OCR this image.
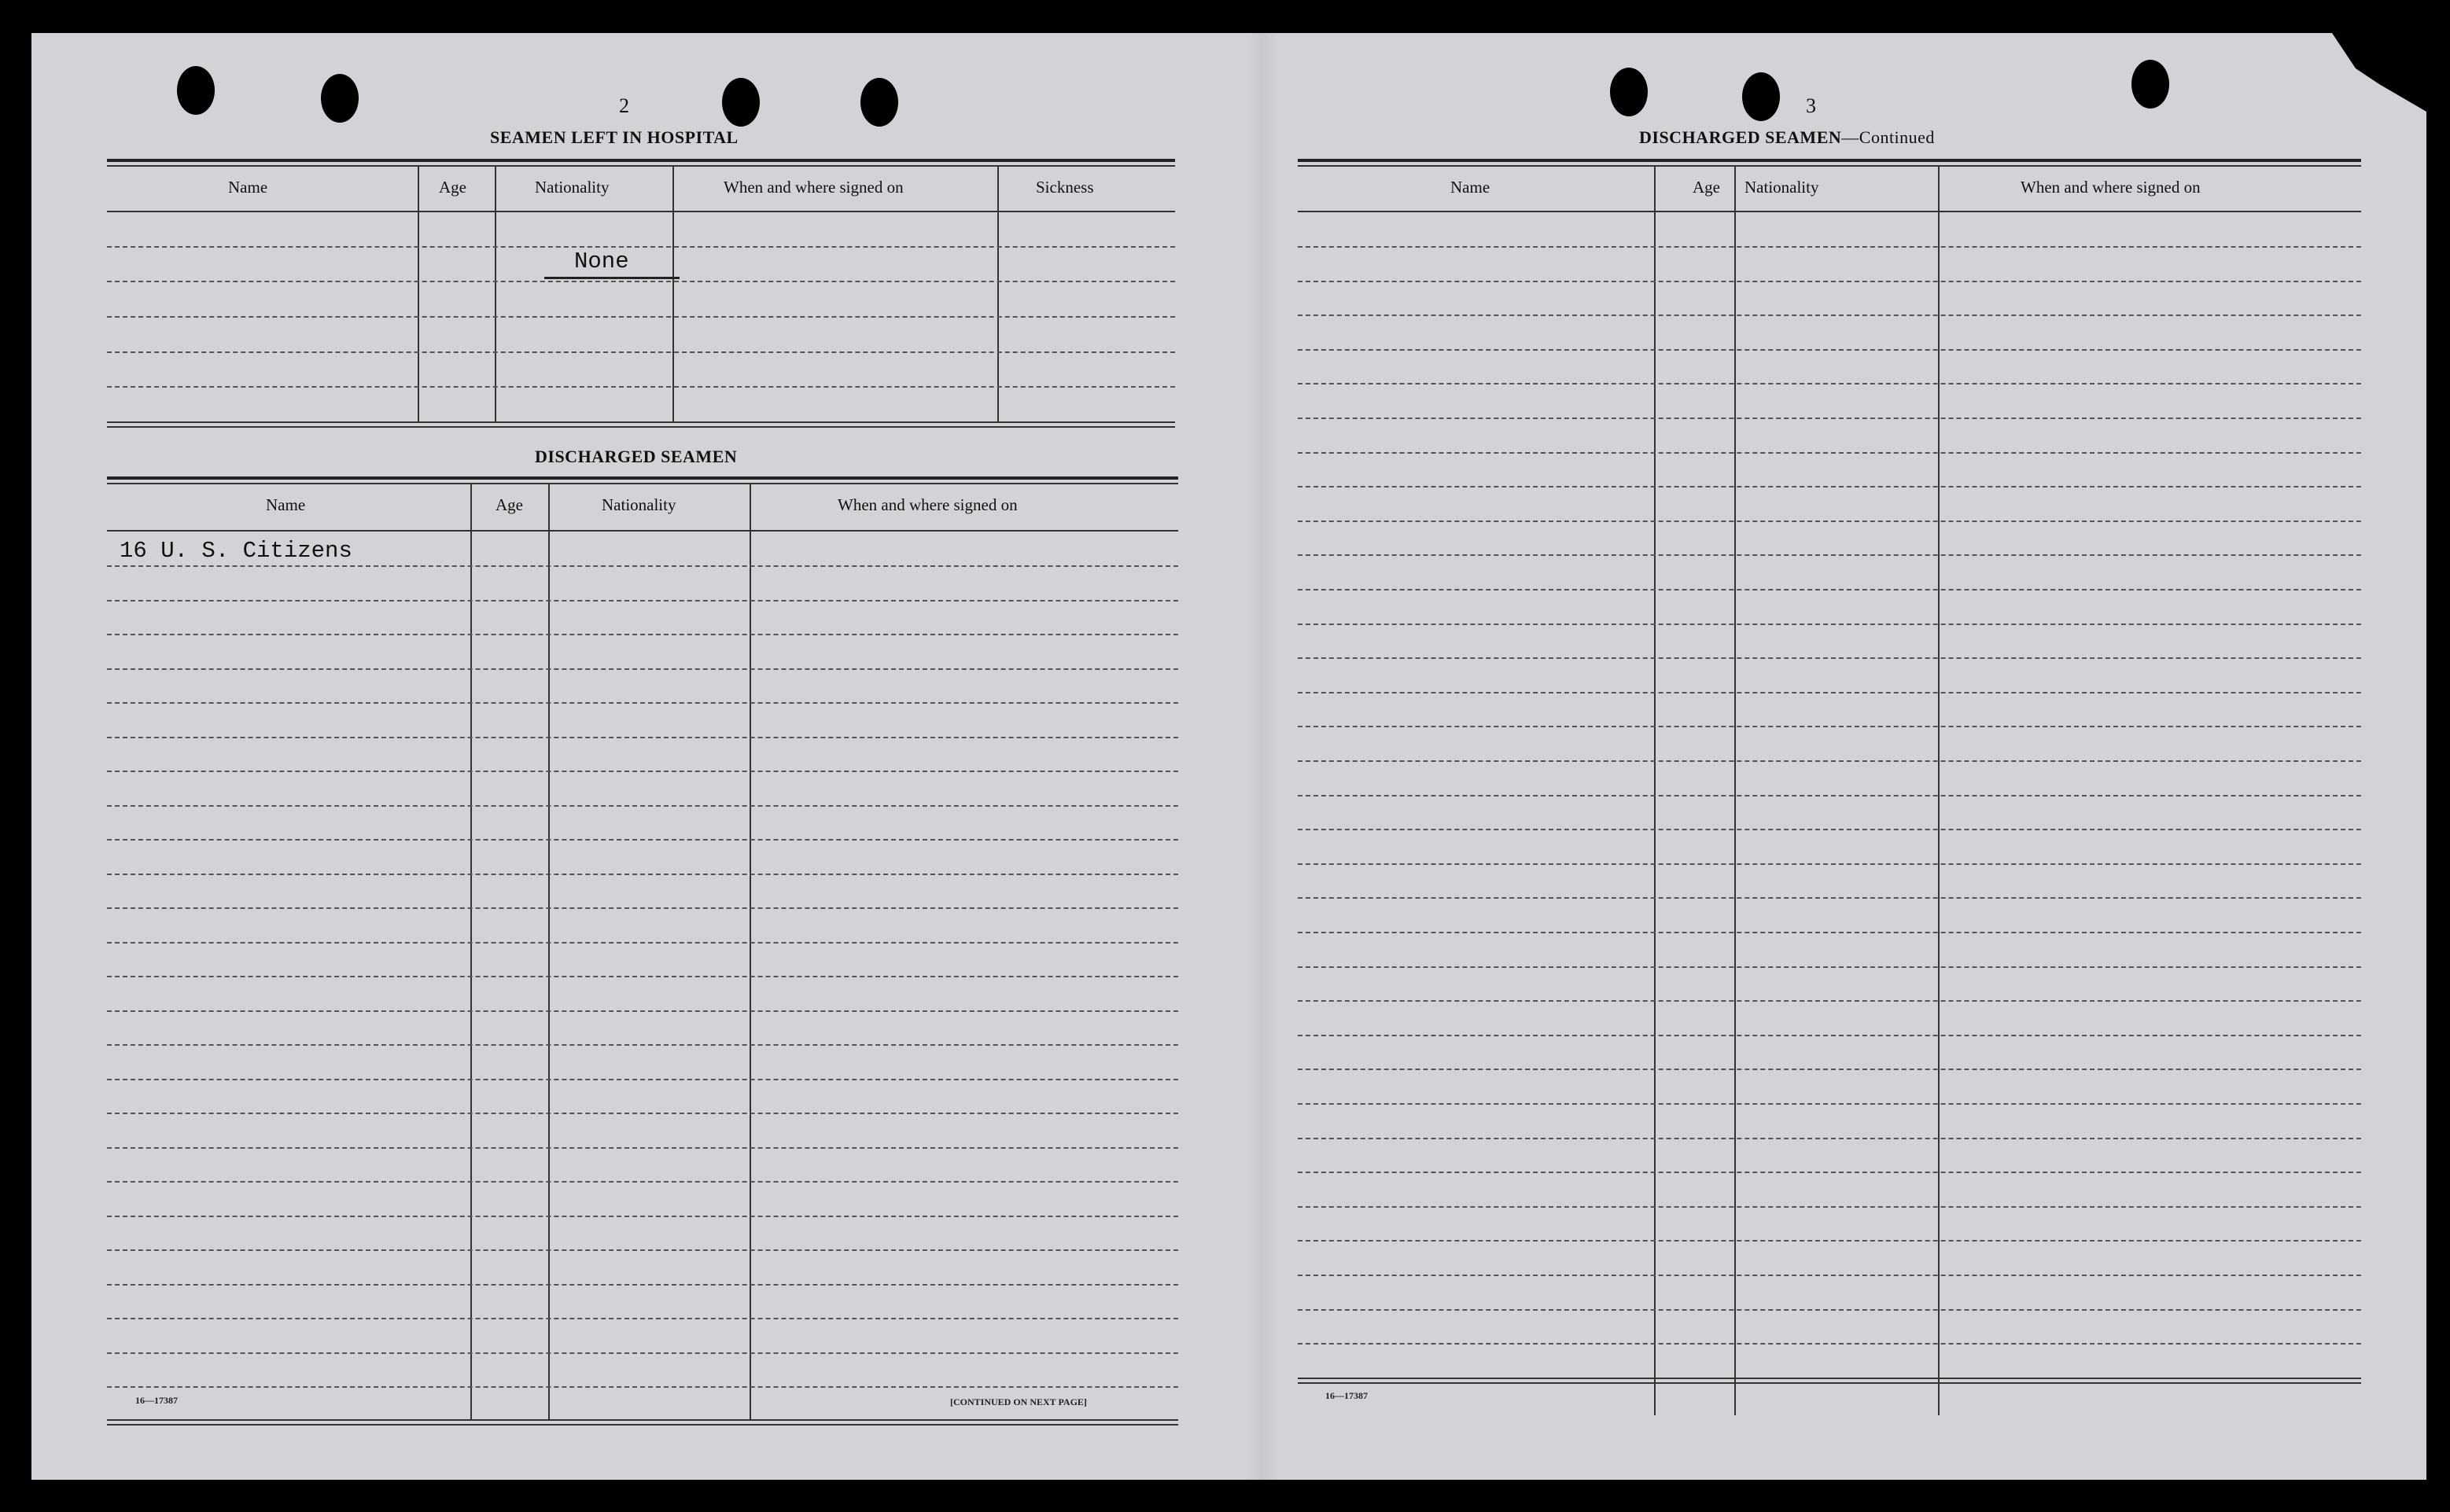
2
SEAMEN LEFT IN HOSPITAL
Name	Age	Nationality	When and where signed on	Sickness
None
DISCHARGED SEAMEN
Name	Age	Nationality	When and where signed on
16 U. S. Citizens
16—17387	[CONTINUED ON NEXT PAGE]
3
DISCHARGED SEAMEN—Continued
Name	Age Nationality	When and where signed on
16—17387
